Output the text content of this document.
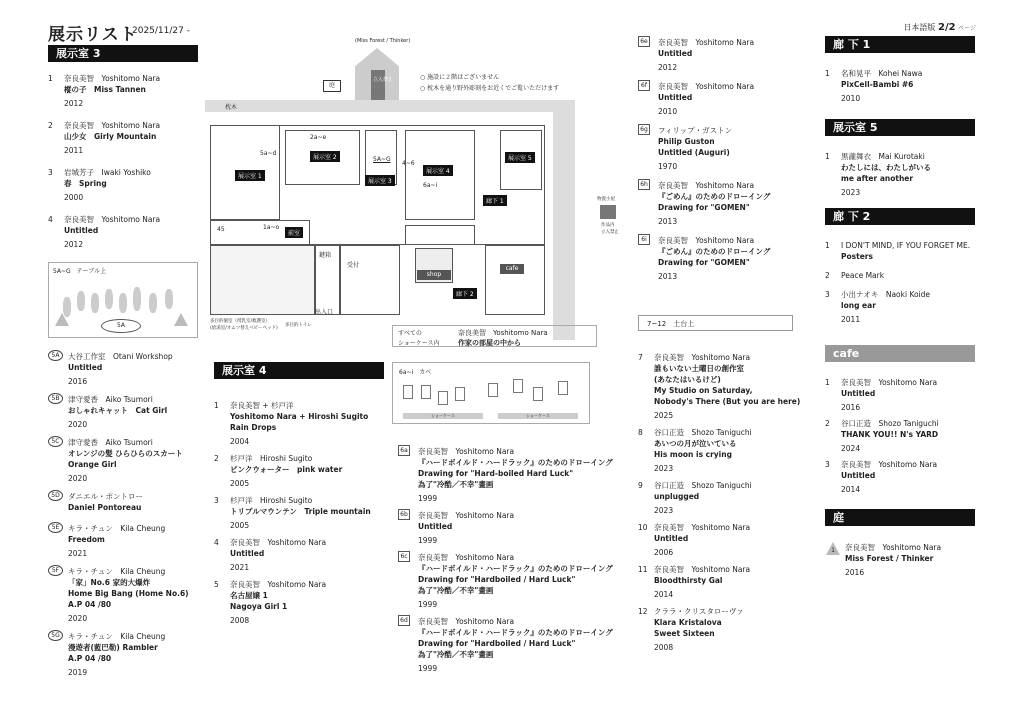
展示リスト
2025/11/27 -	日本語版 2/2 ページ
展示室 3
1	奈良美智　Yoshitomo Nara
樅の子　Miss Tannen
2012
2	奈良美智　Yoshitomo Nara
山少女　Girly Mountain
2011
3	岩城芳子　Iwaki Yoshiko
春　Spring
2000
4	奈良美智　Yoshitomo Nara
Untitled
2012
5A~G　 テーブル上
5A
5A	大谷工作室　Otani Workshop
Untitled
2016
5B	津守愛香　Aiko Tsumori
おしゃれキャット　Cat Girl
2020
5C	津守愛香　Aiko Tsumori
オレンジの髪 ひらひらのスカート
Orange Girl
2020
5D	ダニエル・ポントロー
Daniel Pontoreau
5E	キラ・チュン　Kila Cheung
Freedom
2021
5F	キラ・チュン　Kila Cheung
「家」No.6 家的大爆炸
Home Big Bang (Home No.6)
A.P 04 /80
2020
5G	キラ・チュン　Kila Cheung
漫遊者(藍巴勒) Rambler
A.P 04 /80
2019
(Miss Forest / Thinker)
立入禁止
庭
○ 施設に２階はございません
○ 枕木を通り野外彫刻をお近くでご覧いただけます
枕木
展示室 1
5a~d
展示室 2
2a~e
展示室 3
5A~G
展示室 4
6a~i
4~6
展示室 5
廊下 1
1a~o
45
前室
多目的個室（授乳室/救護室）
(給湯室/オムツ替えベビーベッド)
多目的トイレ
鍵箱
受付
出入口
shop
cafe
廊下 2
物置小屋
作品内
立入禁止
すべての
ショーケース内
奈良美智　Yoshitomo Nara
作家の部屋の中から
6a~i　カベ
ショーケース	ショーケース
展示室 4
1	奈良美智 + 杉戸洋
Yoshitomo Nara + Hiroshi Sugito
Rain Drops
2004
2	杉戸洋　Hiroshi Sugito
ピンクウォーター　pink water
2005
3	杉戸洋　Hiroshi Sugito
トリプルマウンテン　Triple mountain
2005
4	奈良美智　Yoshitomo Nara
Untitled
2021
5	奈良美智　Yoshitomo Nara
名古屋嬢 1
Nagoya Girl 1
2008
6a	奈良美智　Yoshitomo Nara
『ハードボイルド・ハードラック』のためのドローイング
Drawing for "Hard-boiled Hard Luck"
為了"冷酷／不幸"畫画
1999
6b 奈良美智　Yoshitomo Nara
Untitled
1999
6c	奈良美智　Yoshitomo Nara
『ハードボイルド・ハードラック』のためのドローイング
Drawing for "Hardboiled / Hard Luck"
為了"冷酷／不幸"畫画
1999
6d 奈良美智　Yoshitomo Nara
『ハードボイルド・ハードラック』のためのドローイング
Drawing for "Hardboiled / Hard Luck"
為了"冷酷／不幸"畫画
1999
6e	奈良美智　Yoshitomo Nara
Untitled
2012
6f	奈良美智　Yoshitomo Nara
Untitled
2010
6g フィリップ・ガストン
Philip Guston
Untitled (Auguri)
1970
6h 奈良美智　Yoshitomo Nara
『ごめん』のためのドローイング
Drawing for "GOMEN"
2013
6i	奈良美智　Yoshitomo Nara
『ごめん』のためのドローイング
Drawing for "GOMEN"
2013
7~12　土台上
7	奈良美智　Yoshitomo Nara
誰もいない土曜日の創作室
(あなたはいるけど)
My Studio on Saturday,
Nobody's There (But you are here)
2025
8	谷口正造　Shozo Taniguchi
あいつの月が泣いている
His moon is crying
2023
9	谷口正造　Shozo Taniguchi
unplugged
2023
10 奈良美智　Yoshitomo Nara
Untitled
2006
11 奈良美智　Yoshitomo Nara
Bloodthirsty Gal
2014
12 クララ・クリスタローヴァ
Klara Kristalova
Sweet Sixteen
2008
廊 下 1
1	名和晃平　Kohei Nawa
PixCell-Bambi #6
2010
展示室 5
1	黒瀧舞衣　Mai Kurotaki
わたしには、わたしがいる
me after another
2023
廊 下 2
1	I DON'T MIND, IF YOU FORGET ME.
Posters
2	Peace Mark
3	小出ナオキ　Naoki Koide
long ear
2011
cafe
1	奈良美智　Yoshitomo Nara
Untitled
2016
2	谷口正造　Shozo Taniguchi
THANK YOU!! N's YARD
2024
3	奈良美智　Yoshitomo Nara
Untitled
2014
庭
1	奈良美智　Yoshitomo Nara
Miss Forest / Thinker
2016
